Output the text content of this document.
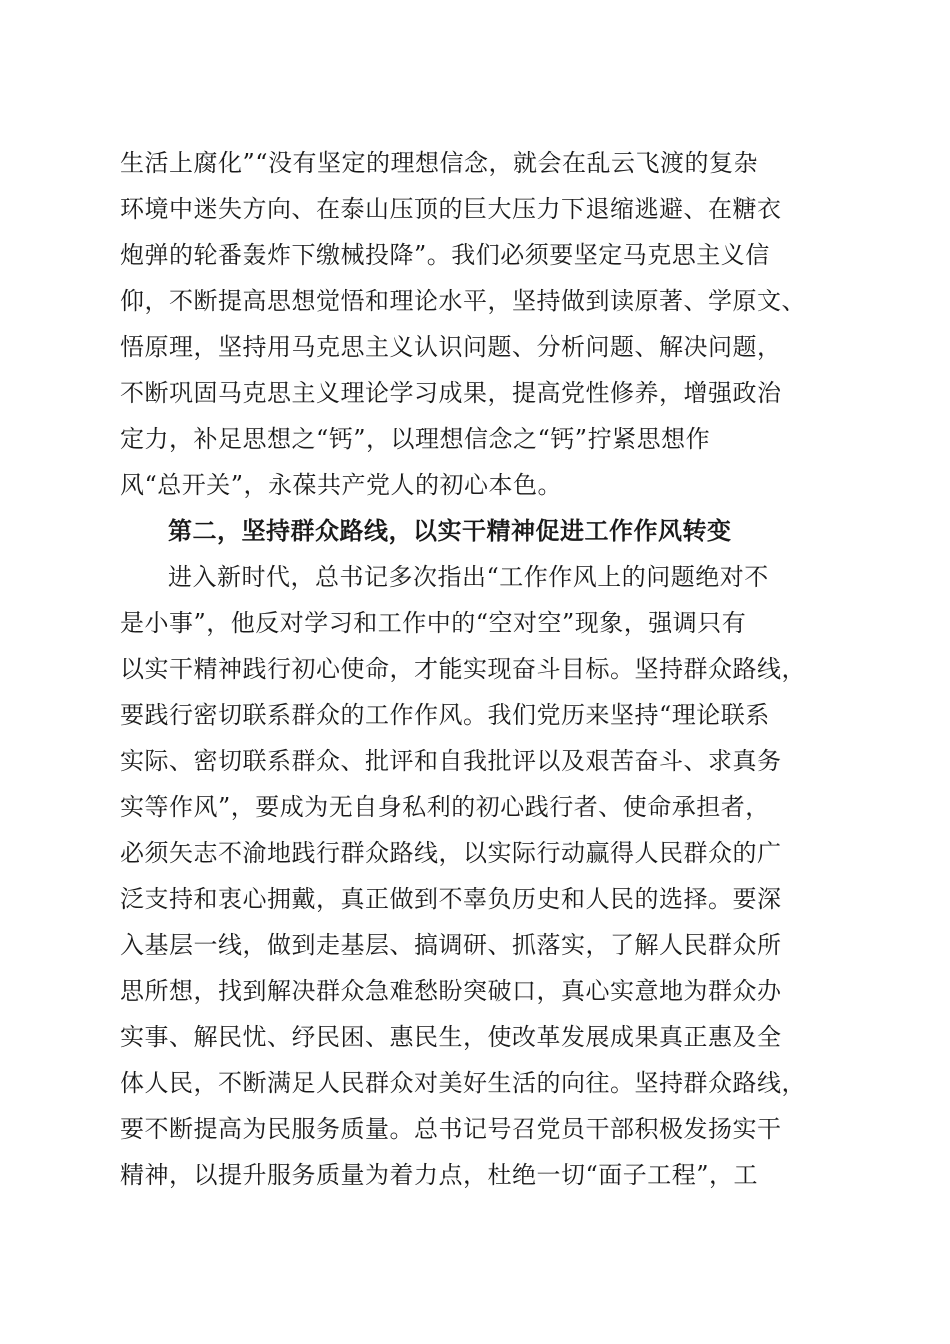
生活上腐化”“没有坚定的理想信念，就会在乱云飞渡的复杂
环境中迷失方向、在泰山压顶的巨大压力下退缩逃避、在糖衣
炮弹的轮番轰炸下缴械投降”。我们必须要坚定马克思主义信
仰，不断提高思想觉悟和理论水平，坚持做到读原著、学原文、
悟原理，坚持用马克思主义认识问题、分析问题、解决问题，
不断巩固马克思主义理论学习成果，提高党性修养，增强政治
定力，补足思想之“钙”，以理想信念之“钙”拧紧思想作
风“总开关”，永葆共产党人的初心本色。
第二，坚持群众路线，以实干精神促进工作作风转变
进入新时代，总书记多次指出“工作作风上的问题绝对不
是小事”，他反对学习和工作中的“空对空”现象，强调只有
以实干精神践行初心使命，才能实现奋斗目标。坚持群众路线，
要践行密切联系群众的工作作风。我们党历来坚持“理论联系
实际、密切联系群众、批评和自我批评以及艰苦奋斗、求真务
实等作风”，要成为无自身私利的初心践行者、使命承担者，
必须矢志不渝地践行群众路线，以实际行动赢得人民群众的广
泛支持和衷心拥戴，真正做到不辜负历史和人民的选择。要深
入基层一线，做到走基层、搞调研、抓落实，了解人民群众所
思所想，找到解决群众急难愁盼突破口，真心实意地为群众办
实事、解民忧、纾民困、惠民生，使改革发展成果真正惠及全
体人民，不断满足人民群众对美好生活的向往。坚持群众路线，
要不断提高为民服务质量。总书记号召党员干部积极发扬实干
精神，以提升服务质量为着力点，杜绝一切“面子工程”，工
